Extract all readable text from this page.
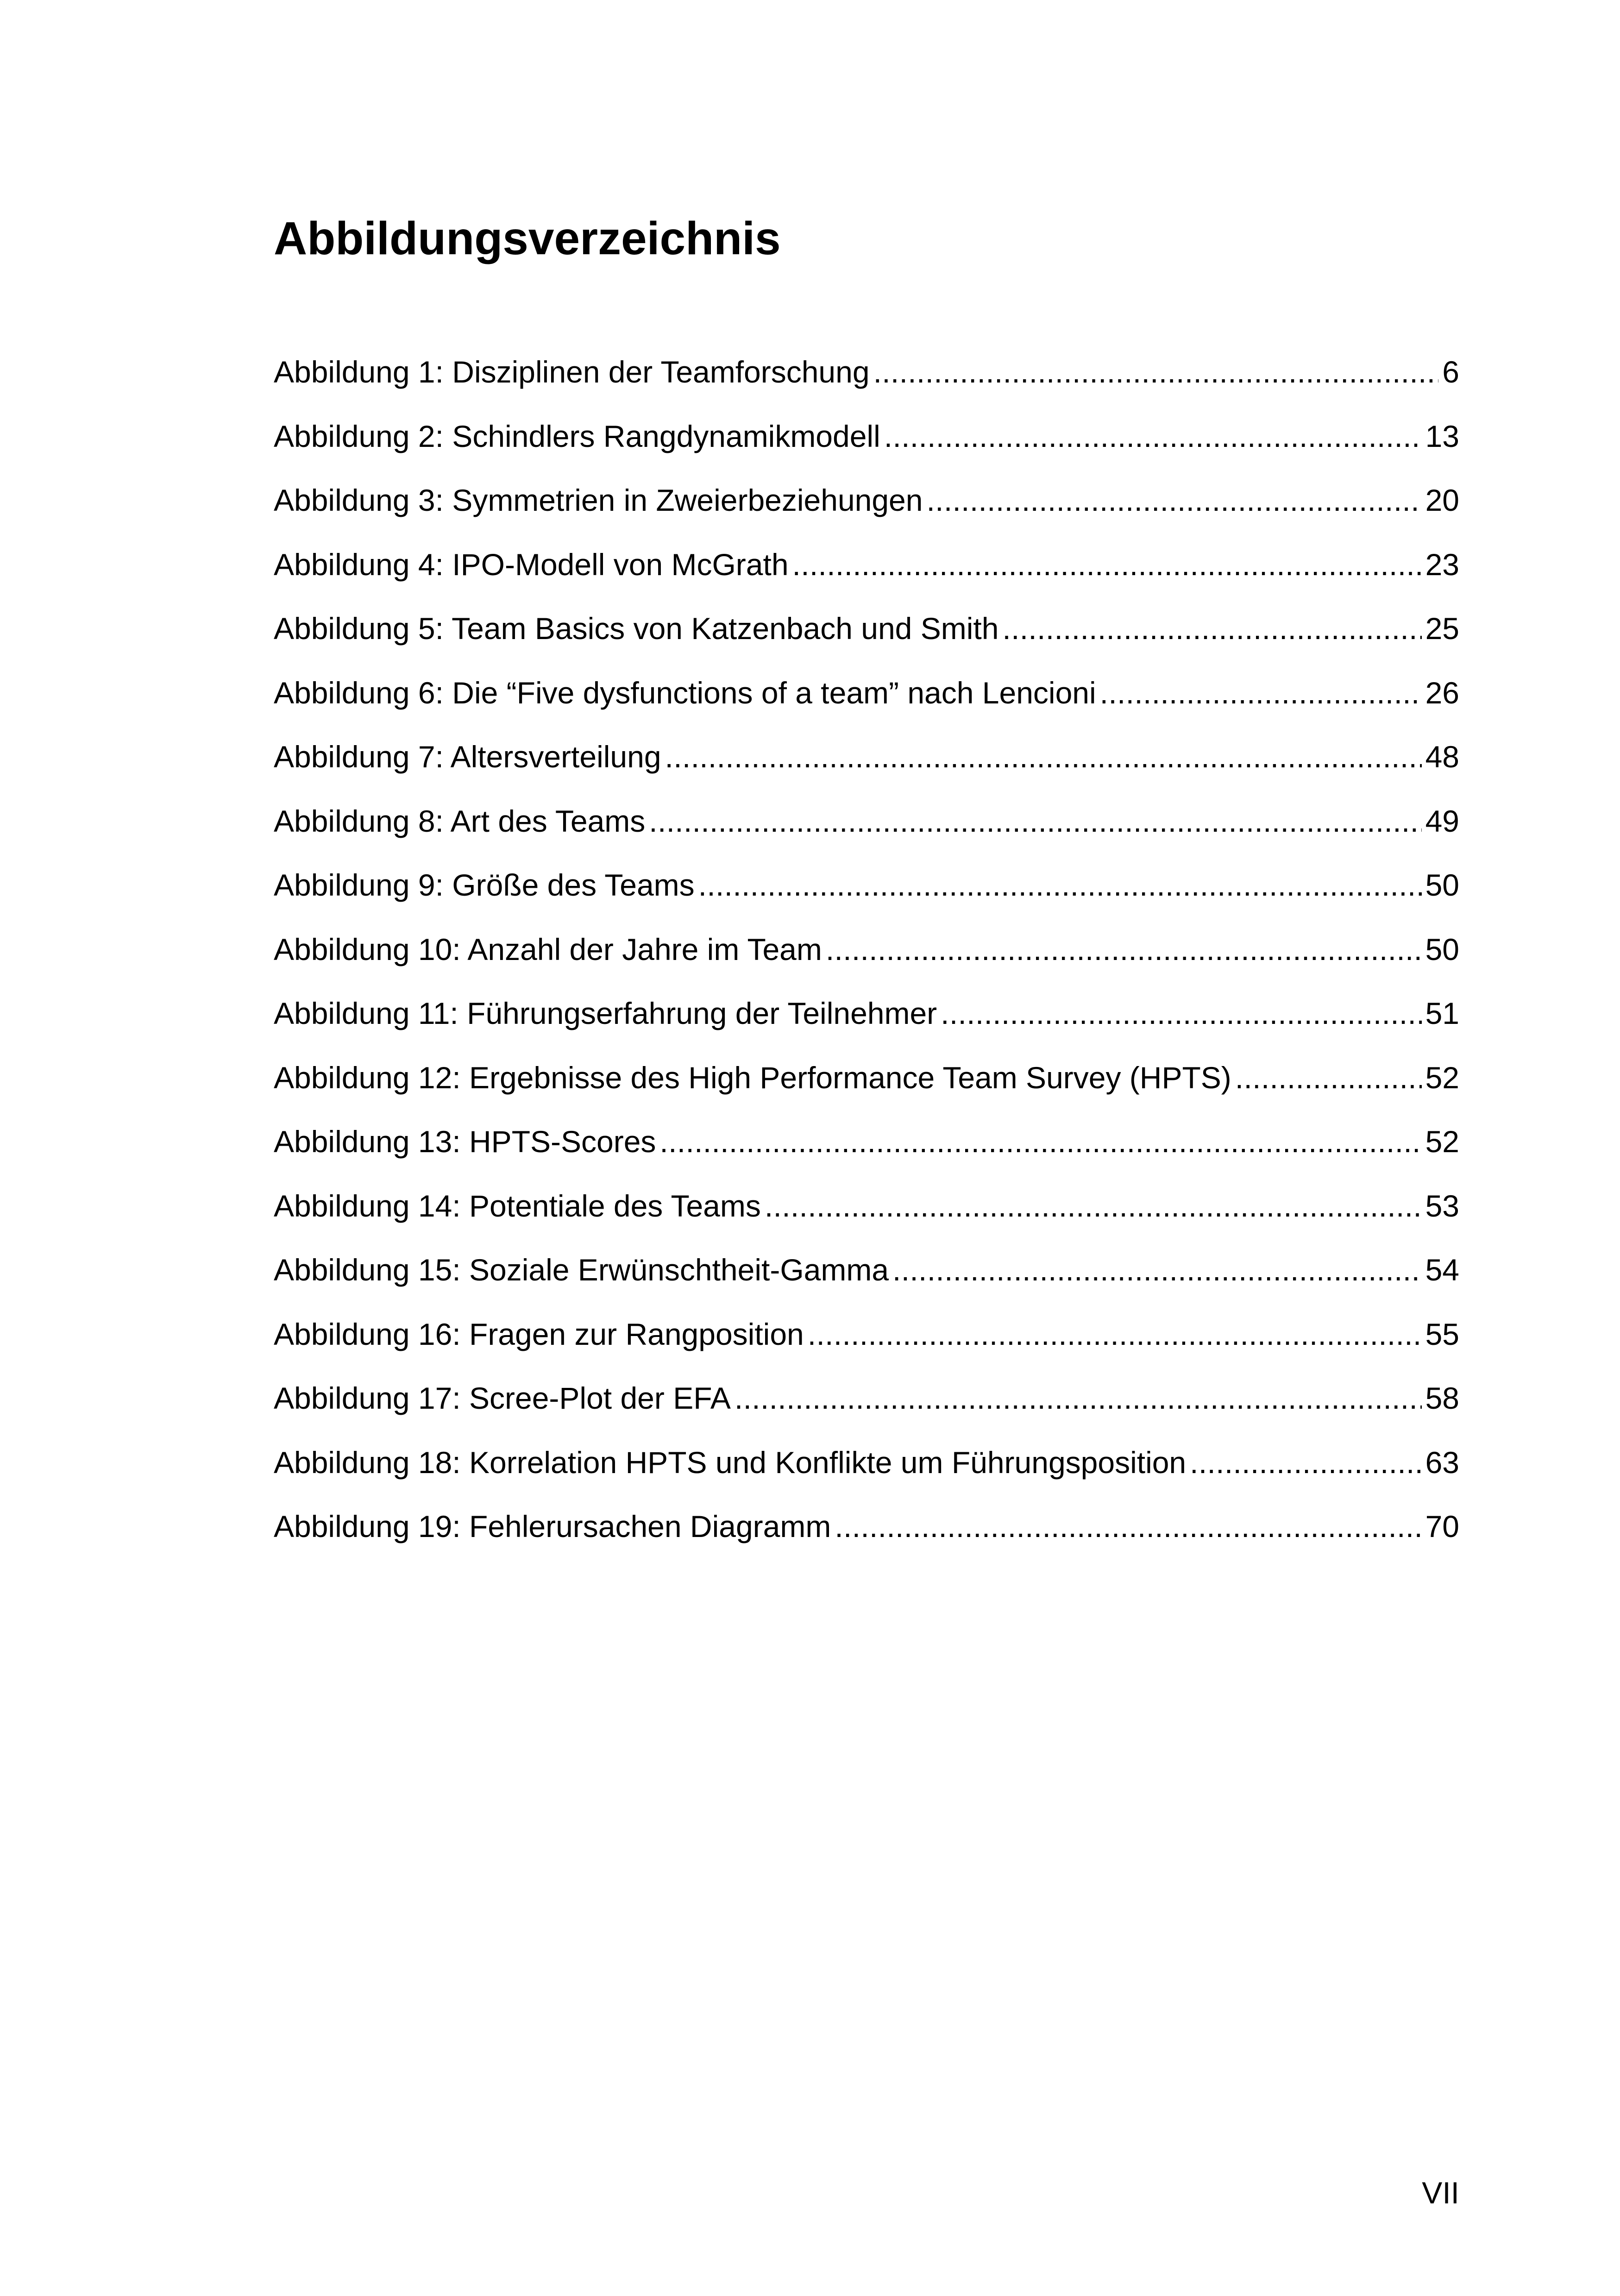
Abbildungsverzeichnis
Abbildung 1: Disziplinen der Teamforschung . . .	6
Abbildung 2: Schindlers Rangdynamikmodell . . .	13
Abbildung 3: Symmetrien in Zweierbeziehungen . . .	20
Abbildung 4: IPO-Modell von McGrath . . .	23
Abbildung 5: Team Basics von Katzenbach und Smith . . .	25
Abbildung 6: Die “Five dysfunctions of a team” nach Lencioni . . .	26
Abbildung 7: Altersverteilung . . .	48
Abbildung 8: Art des Teams . . .	49
Abbildung 9: Größe des Teams . . .	50
Abbildung 10: Anzahl der Jahre im Team . . .	50
Abbildung 11: Führungserfahrung der Teilnehmer . . .	51
Abbildung 12: Ergebnisse des High Performance Team Survey (HPTS) . . .	52
Abbildung 13: HPTS-Scores . . .	52
Abbildung 14: Potentiale des Teams . . .	53
Abbildung 15: Soziale Erwünschtheit-Gamma . . .	54
Abbildung 16: Fragen zur Rangposition . . .	55
Abbildung 17: Scree-Plot der EFA . . .	58
Abbildung 18: Korrelation HPTS und Konflikte um Führungsposition . . .	63
Abbildung 19: Fehlerursachen Diagramm . . .	70
VII
